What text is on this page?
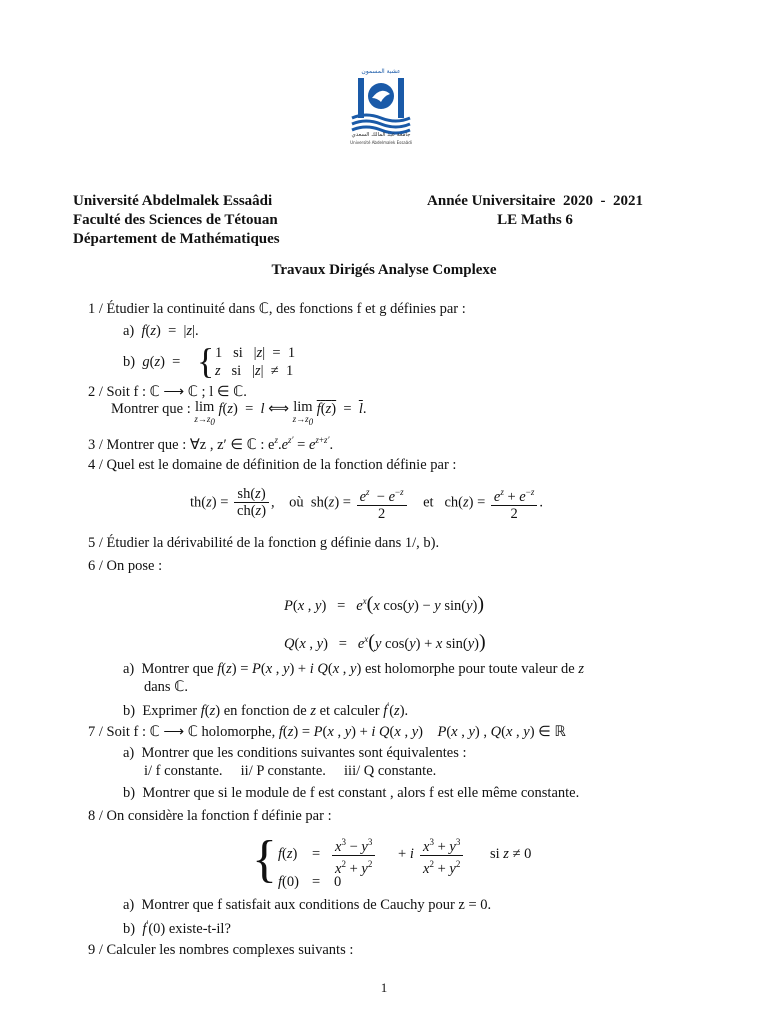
عشبة المسمون
جامعة عبد المالك السعدي
Université Abdelmalek Essaâdi
Université Abdelmalek Essaâdi
Faculté des Sciences de Tétouan
Département de Mathématiques
Année Universitaire  2020  -  2021
LE Maths 6
Travaux Dirigés Analyse Complexe
1 / Étudier la continuité dans ℂ, des fonctions f et g définies par :
a)  f(z)  =  |z|.
b)  g(z)  = { 1   si   |z|  =  1
z si   |z|  ≠  1
2 / Soit f : ℂ ⟶ ℂ ; l ∈ ℂ.
Montrer que : lim
$z\to z_0$
f(z)  =  l ⟺ lim
$z\to z_0$
$f(z) = \overline{l}$.
3 / Montrer que : ∀z , z′ ∈ ℂ : $e^z.e^{z'} = e^{z+z'}$.
4 / Quel est le domaine de définition de la fonction définie par :
$th(z) = \frac{sh(z)}{ch(z)}$ ,    où  $sh(z) = \frac{e^z - e^{-z}}{2}$ et   $ch(z) = \frac{e^z + e^{-z}}{2}$ .
5 / Étudier la dérivabilité de la fonction g définie dans 1/, b).
6 / On pose :
P(x , $y) = e^x(x$ cos(y) − y sin(y))
Q(x , $y) = e^x(y$ cos(y) + x sin(y))
a)  Montrer que f(z) = P(x , y) + i Q(x , y) est holomorphe pour toute valeur de z
dans ℂ.
b)  Exprimer f(z) en fonction de z et calculer f′(z).
7 / Soit f : ℂ ⟶ ℂ holomorphe, f(z) = P(x , y) + i Q(x , y)    P(x , y) , Q(x , y) ∈ ℝ
a)  Montrer que les conditions suivantes sont équivalentes :
i/ f constante. ii/ P constante. iii/ Q constante.
b)  Montrer que si le module de f est constant , alors f est elle même constante.
8 / On considère la fonction f définie par :
{ $f(z) = \frac{x^3 - y^3}{x^2 + y^2} + i \frac{x^3 + y^3}{x^2 + y^2}$ si z ≠ 0
f(0) = 0
a)  Montrer que f satisfait aux conditions de Cauchy pour z = 0.
b)  f′(0) existe-t-il?
9 / Calculer les nombres complexes suivants :
1
